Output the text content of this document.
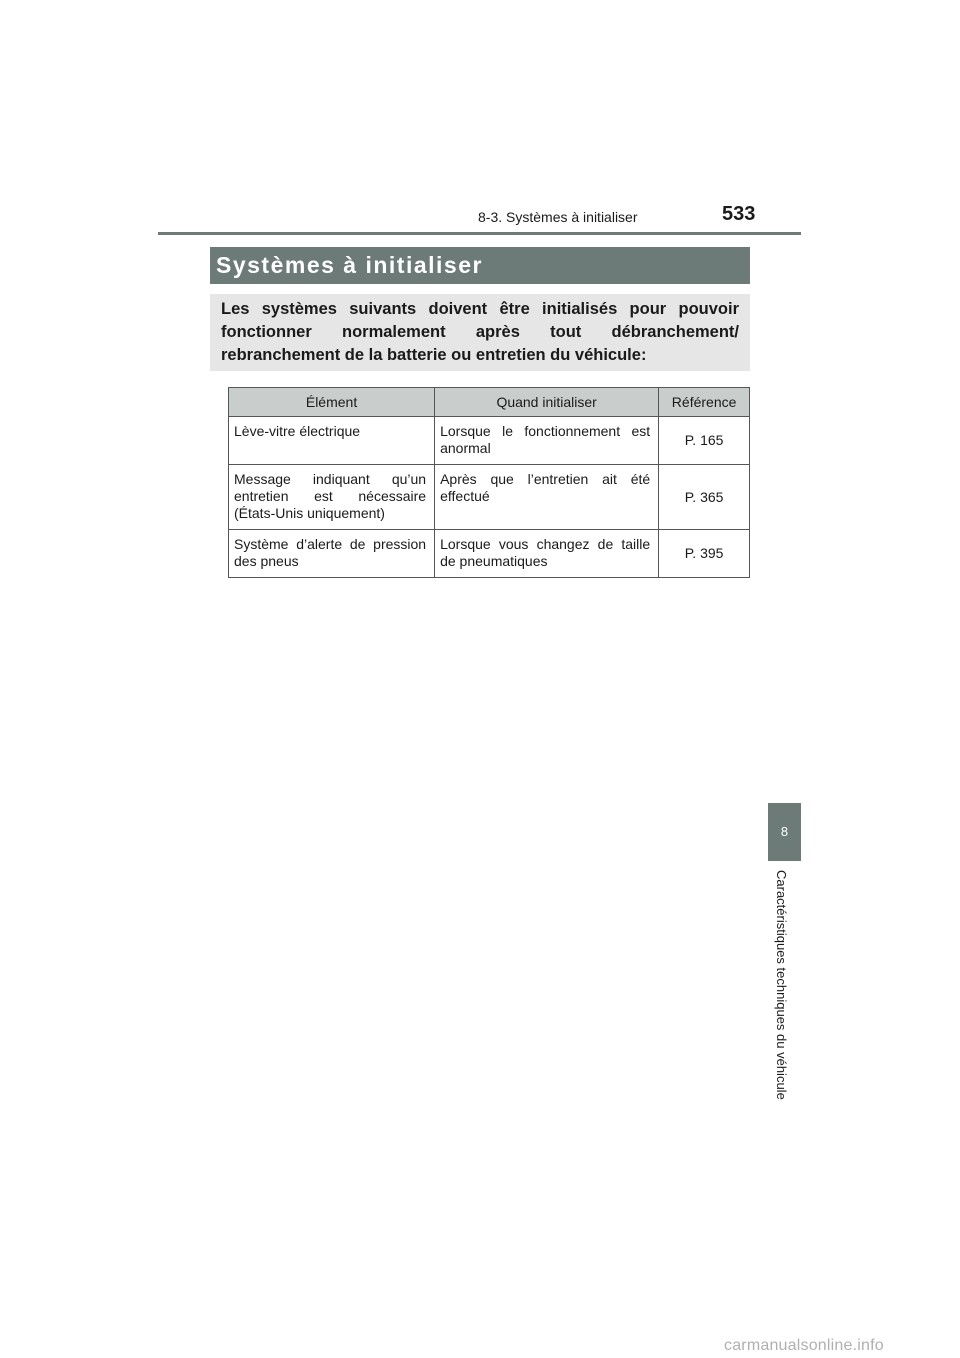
8-3. Systèmes à initialiser	533
Systèmes à initialiser
Les systèmes suivants doivent être initialisés pour pouvoir fonctionner normalement après tout débranchement/ rebranchement de la batterie ou entretien du véhicule:
Élément	Quand initialiser	Référence
Lève-vitre électrique	Lorsque le fonctionnement est anormal	P. 165
Message indiquant qu’un entretien est nécessaire (États-Unis uniquement)	Après que l’entretien ait été effectué	P. 365
Système d’alerte de pression des pneus	Lorsque vous changez de taille de pneumatiques	P. 395
8
Caractéristiques techniques du véhicule
carmanualsonline.info
